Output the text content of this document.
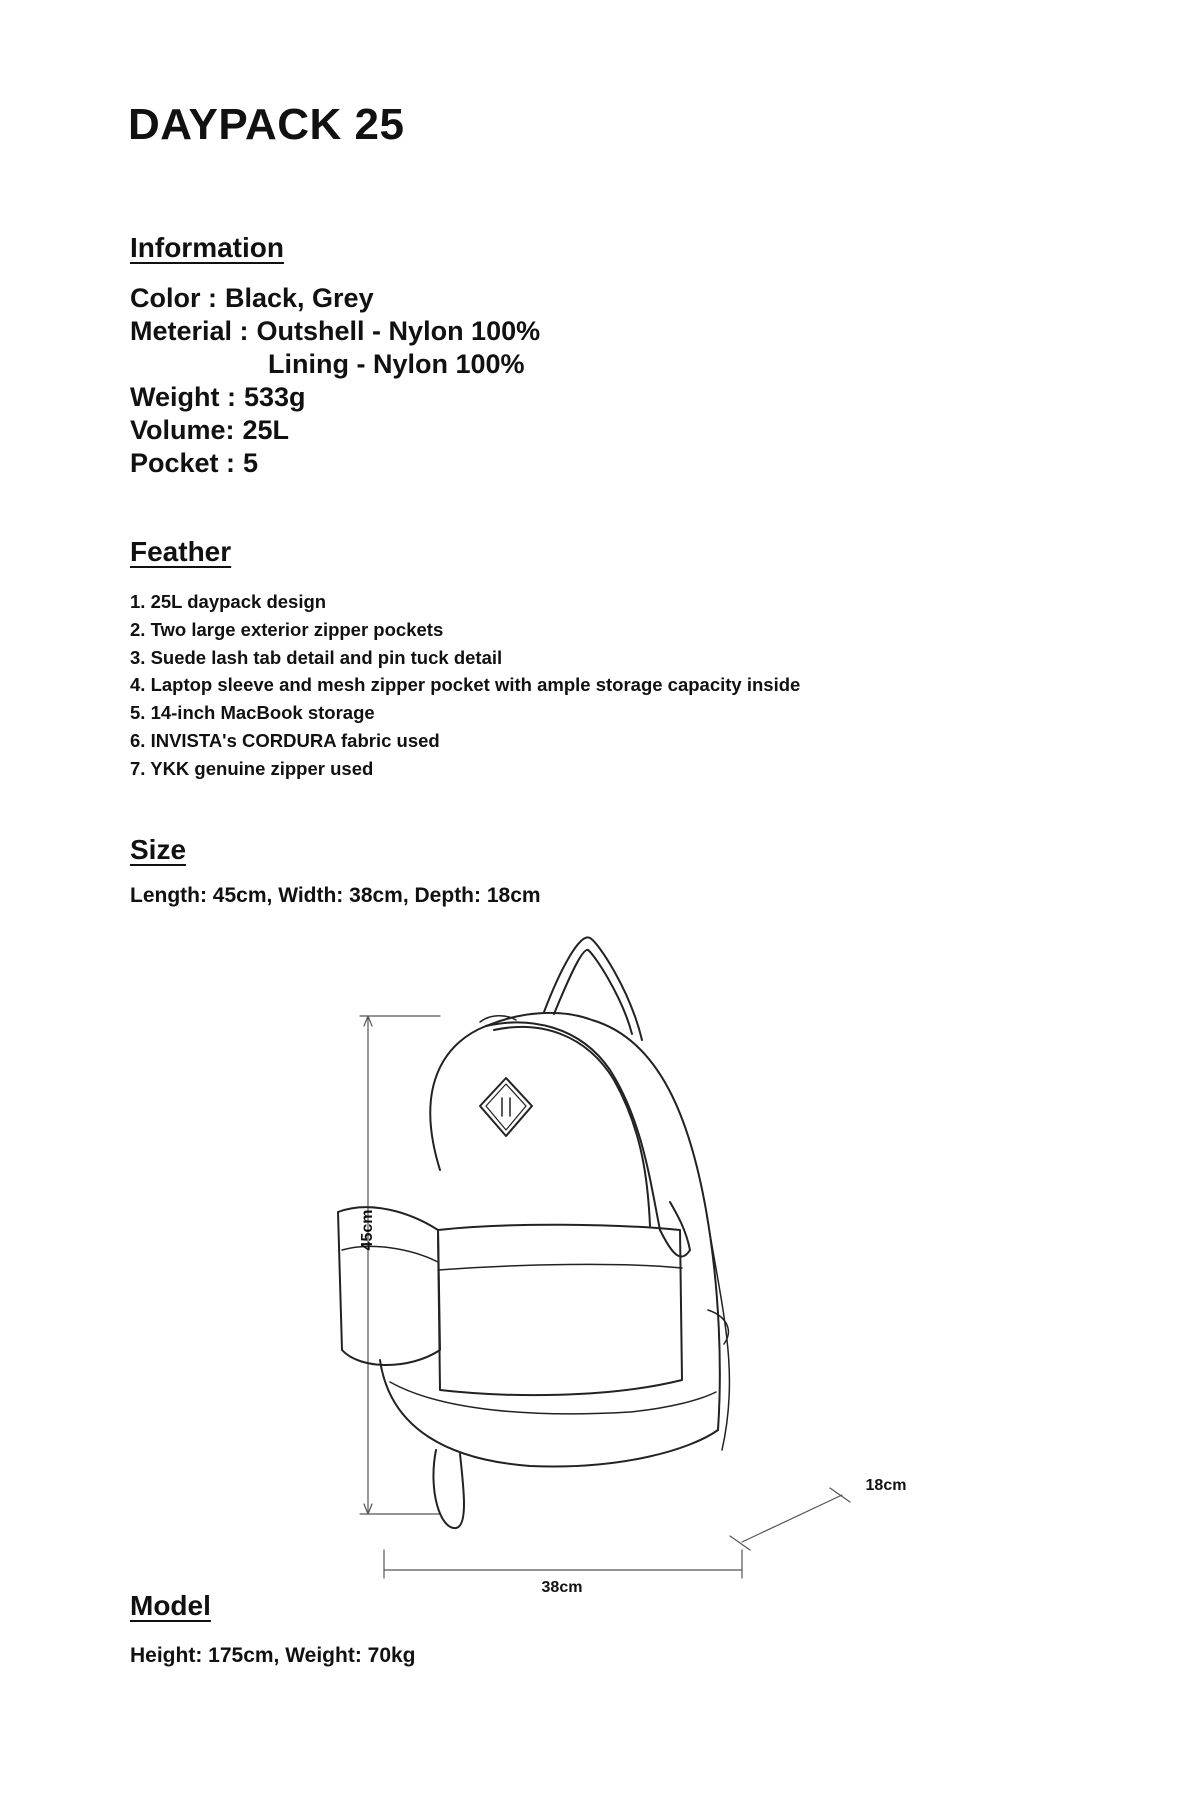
DAYPACK 25
Information
Color : Black, Grey
Meterial : Outshell - Nylon 100%
Lining - Nylon 100%
Weight : 533g
Volume: 25L
Pocket : 5
Feather
1. 25L daypack design
2. Two large exterior zipper pockets
3. Suede lash tab detail and pin tuck detail
4. Laptop sleeve and mesh zipper pocket with ample storage capacity inside
5. 14-inch MacBook storage
6. INVISTA's CORDURA fabric used
7. YKK genuine zipper used
Size

Length: 45cm, Width: 38cm, Depth: 18cm

45cm
38cm
18cm
Model

Height: 175cm, Weight: 70kg
